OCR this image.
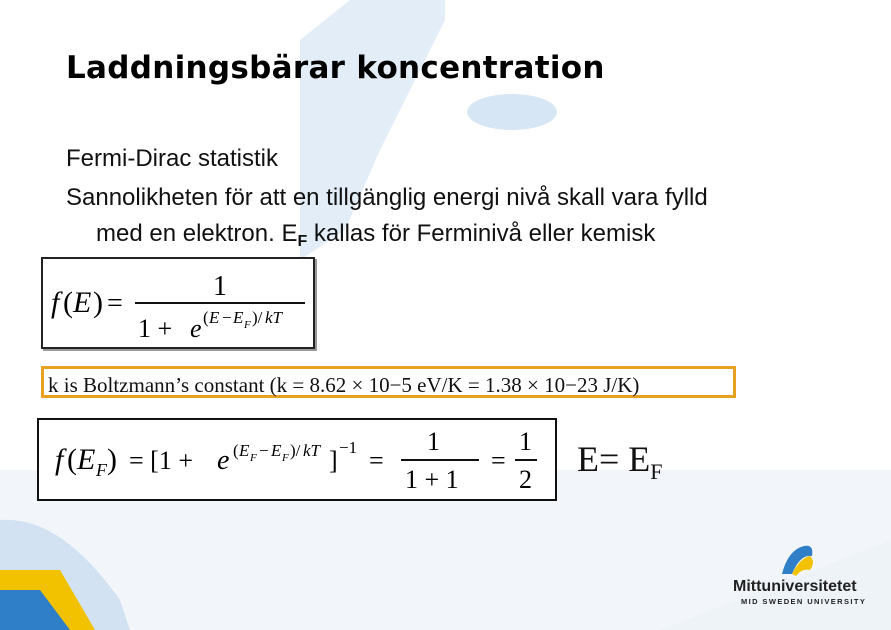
Laddningsbärar koncentration
Fermi-Dirac statistik
Sannolikheten för att en tillgänglig energi nivå skall vara fylld
med en elektron. $E_F$ kallas för Ferminivå eller kemisk
f ( E ) =
1
1 + e ( E − E F )/ kT
k is Boltzmann’s constant (k = 8.62 × 10−5 eV/K = 1.38 × 10−23 J/K)
f ( E F ) = [1 + e ( E F − E F )/ kT ] −1 =
1
1 + 1
=
1
2
$E= E_F$
Mittuniversitetet
MID SWEDEN UNIVERSITY
